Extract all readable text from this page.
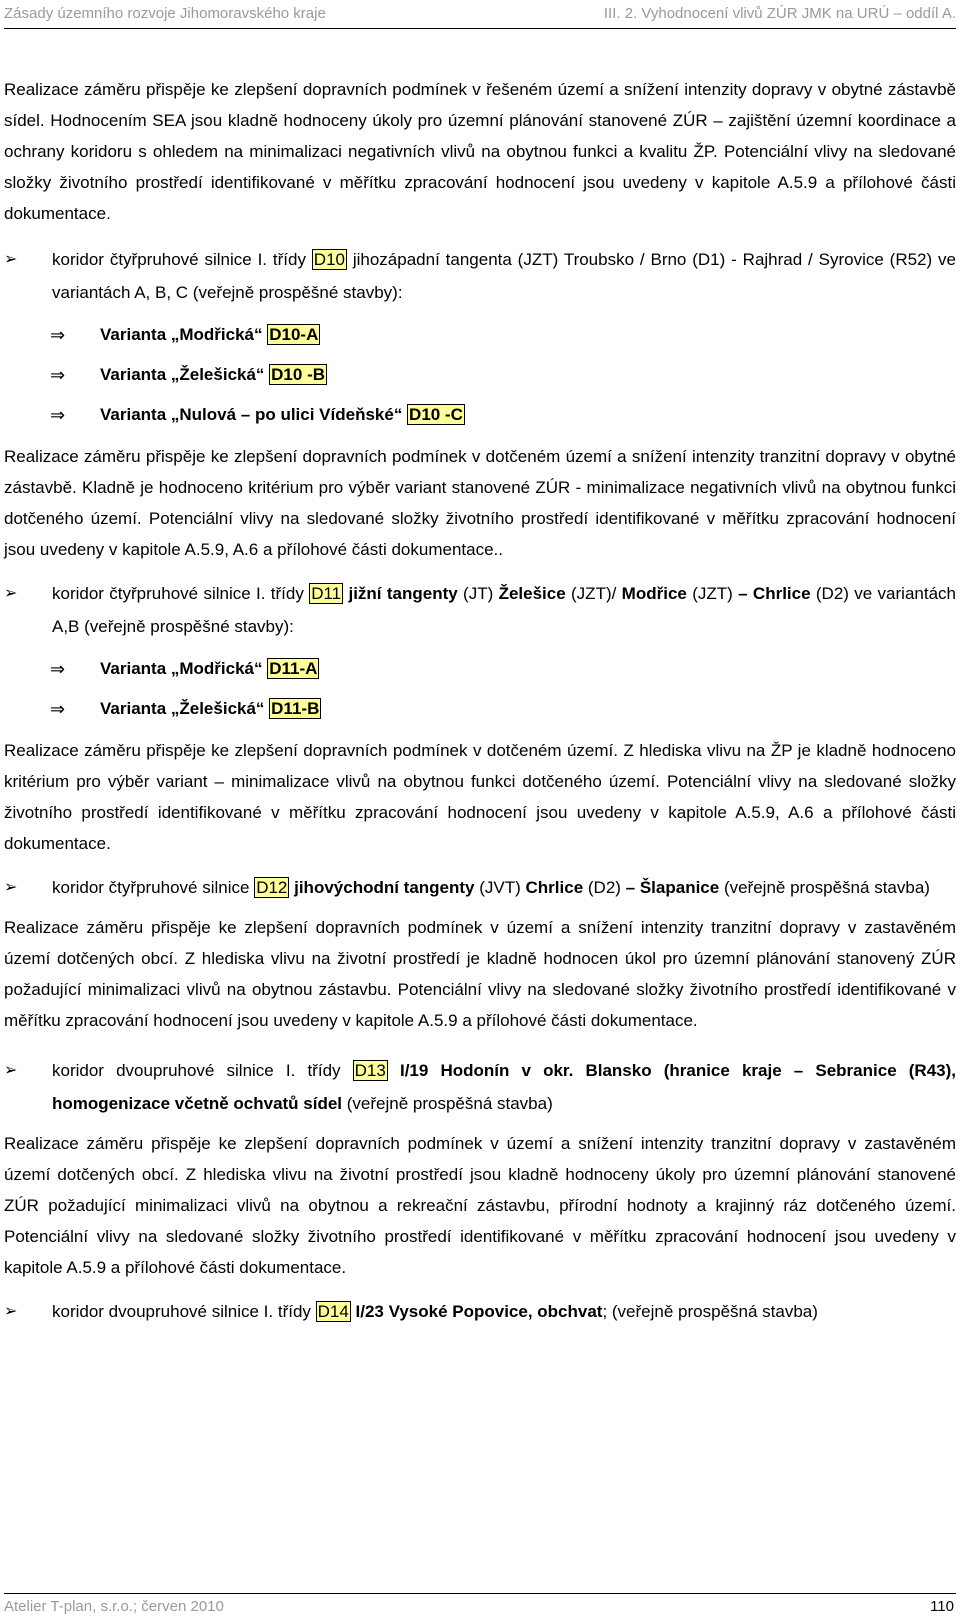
Zásady územního rozvoje Jihomoravského kraje	III. 2. Vyhodnocení vlivů ZÚR JMK na URÚ – oddíl A.

Realizace záměru přispěje ke zlepšení dopravních podmínek v řešeném území a snížení intenzity dopravy v obytné zástavbě sídel. Hodnocením SEA jsou kladně hodnoceny úkoly pro územní plánování stanovené ZÚR – zajištění územní koordinace a ochrany koridoru s ohledem na minimalizaci negativních vlivů na obytnou funkci a kvalitu ŽP. Potenciální vlivy na sledované složky životního prostředí identifikované v měřítku zpracování hodnocení jsou uvedeny v kapitole A.5.9 a přílohové části dokumentace.

➢ koridor čtyřpruhové silnice I. třídy D10 jihozápadní tangenta (JZT) Troubsko / Brno (D1) - Rajhrad / Syrovice (R52) ve variantách A, B, C (veřejně prospěšné stavby):
⇒ Varianta „Modřická“ D10-A
⇒ Varianta „Želešická“ D10 -B
⇒ Varianta „Nulová – po ulici Vídeňské“ D10 -C

Realizace záměru přispěje ke zlepšení dopravních podmínek v dotčeném území a snížení intenzity tranzitní dopravy v obytné zástavbě. Kladně je hodnoceno kritérium pro výběr variant stanovené ZÚR - minimalizace negativních vlivů na obytnou funkci dotčeného území. Potenciální vlivy na sledované složky životního prostředí identifikované v měřítku zpracování hodnocení jsou uvedeny v kapitole A.5.9, A.6 a přílohové části dokumentace..

➢ koridor čtyřpruhové silnice I. třídy D11 jižní tangenty (JT) Želešice (JZT)/ Modřice (JZT) – Chrlice (D2) ve variantách A,B (veřejně prospěšné stavby):
⇒ Varianta „Modřická“ D11-A
⇒ Varianta „Želešická“ D11-B

Realizace záměru přispěje ke zlepšení dopravních podmínek v dotčeném území. Z hlediska vlivu na ŽP je kladně hodnoceno kritérium pro výběr variant – minimalizace vlivů na obytnou funkci dotčeného území. Potenciální vlivy na sledované složky životního prostředí identifikované v měřítku zpracování hodnocení jsou uvedeny v kapitole A.5.9, A.6 a přílohové části dokumentace.

➢ koridor čtyřpruhové silnice D12 jihovýchodní tangenty (JVT) Chrlice (D2) – Šlapanice (veřejně prospěšná stavba)

Realizace záměru přispěje ke zlepšení dopravních podmínek v území a snížení intenzity tranzitní dopravy v zastavěném území dotčených obcí. Z hlediska vlivu na životní prostředí je kladně hodnocen úkol pro územní plánování stanovený ZÚR požadující minimalizaci vlivů na obytnou zástavbu. Potenciální vlivy na sledované složky životního prostředí identifikované v měřítku zpracování hodnocení jsou uvedeny v kapitole A.5.9 a přílohové části dokumentace.

➢ koridor dvoupruhové silnice I. třídy D13 I/19 Hodonín v okr. Blansko (hranice kraje – Sebranice (R43), homogenizace včetně ochvatů sídel (veřejně prospěšná stavba)

Realizace záměru přispěje ke zlepšení dopravních podmínek v území a snížení intenzity tranzitní dopravy v zastavěném území dotčených obcí. Z hlediska vlivu na životní prostředí jsou kladně hodnoceny úkoly pro územní plánování stanovené ZÚR požadující minimalizaci vlivů na obytnou a rekreační zástavbu, přírodní hodnoty a krajinný ráz dotčeného území. Potenciální vlivy na sledované složky životního prostředí identifikované v měřítku zpracování hodnocení jsou uvedeny v kapitole A.5.9 a přílohové části dokumentace.

➢ koridor dvoupruhové silnice I. třídy D14 I/23 Vysoké Popovice, obchvat; (veřejně prospěšná stavba)
Atelier T-plan, s.r.o.; červen 2010	110
